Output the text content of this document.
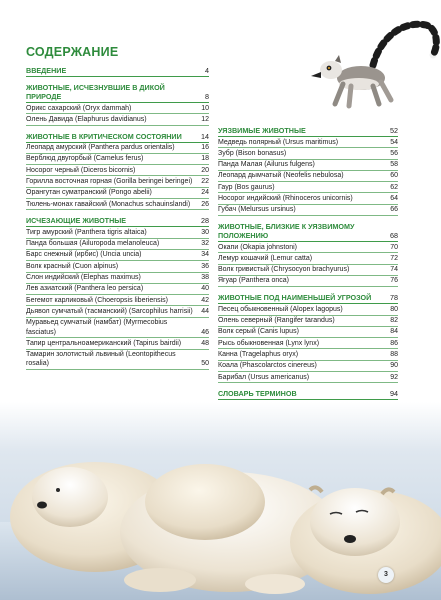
СОДЕРЖАНИЕ
ВВЕДЕНИЕ	4
ЖИВОТНЫЕ, ИСЧЕЗНУВШИЕ В ДИКОЙ ПРИРОДЕ	8
Орикс сахарский (Oryx dammah)	10
Олень Давида (Elaphurus davidianus)	12
ЖИВОТНЫЕ В КРИТИЧЕСКОМ СОСТОЯНИИ	14
Леопард амурский (Panthera pardus orientalis)	16
Верблюд двугорбый (Camelus ferus)	18
Носорог черный (Diceros bicornis)	20
Горилла восточная горная (Gorilla beringei beringei)	22
Орангутан суматранский (Pongo abelii)	24
Тюлень-монах гавайский (Monachus schauinslandi)	26
ИСЧЕЗАЮЩИЕ ЖИВОТНЫЕ	28
Тигр амурский (Panthera tigris altaica)	30
Панда большая (Ailuropoda melanoleuca)	32
Барс снежный (ирбис) (Uncia uncia)	34
Волк красный (Cuon alpinus)	36
Слон индийский (Elephas maximus)	38
Лев азиатский (Panthera leo persica)	40
Бегемот карликовый (Choeropsis liberiensis)	42
Дьявол сумчатый (тасманский) (Sarcophilus harrisii)	44
Муравьед сумчатый (намбат) (Myrmecobius fasciatus)	46
Тапир центральноамериканский (Tapirus bairdii)	48
Тамарин золотистый львиный (Leontopithecus rosalia)	50
УЯЗВИМЫЕ ЖИВОТНЫЕ	52
Медведь полярный (Ursus maritimus)	54
Зубр (Bison bonasus)	56
Панда Малая (Ailurus fulgens)	58
Леопард дымчатый (Neofelis nebulosa)	60
Гаур (Bos gaurus)	62
Носорог индийский (Rhinoceros unicornis)	64
Губач (Melursus ursinus)	66
ЖИВОТНЫЕ, БЛИЗКИЕ К УЯЗВИМОМУ ПОЛОЖЕНИЮ	68
Окапи (Okapia johnstoni)	70
Лемур кошачий (Lemur catta)	72
Волк гривистый (Chrysocyon brachyurus)	74
Ягуар (Panthera onca)	76
ЖИВОТНЫЕ ПОД НАИМЕНЬШЕЙ УГРОЗОЙ	78
Песец обыкновенный (Alopex lagopus)	80
Олень северный (Rangifer tarandus)	82
Волк серый (Canis lupus)	84
Рысь обыкновенная (Lynx lynx)	86
Канна (Tragelaphus oryx)	88
Коала (Phascolarctos cinereus)	90
Барибал (Ursus americanus)	92
СЛОВАРЬ ТЕРМИНОВ	94
3
